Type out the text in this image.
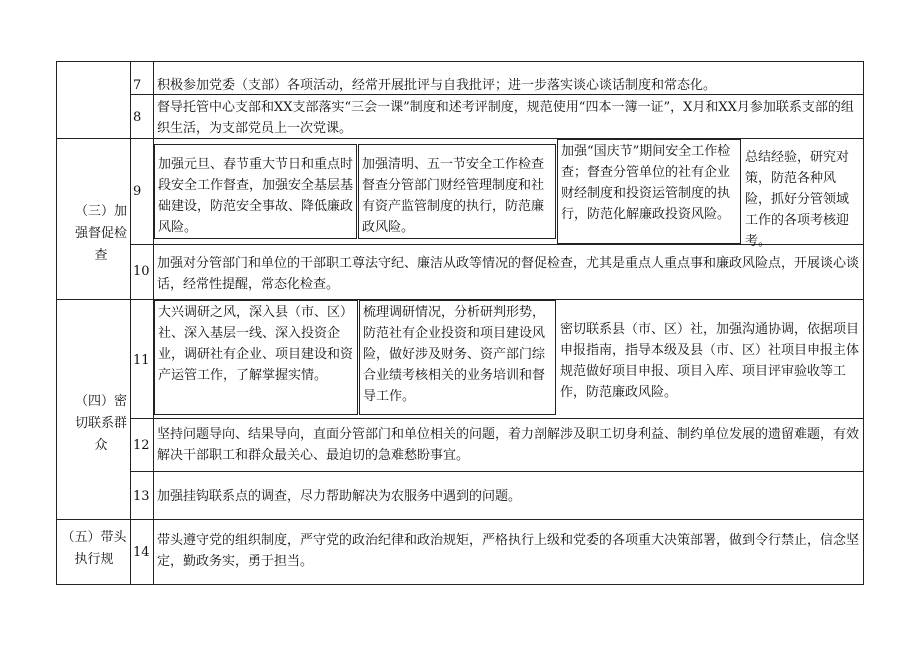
7	积极参加党委（支部）各项活动，经常开展批评与自我批评；进一步落实谈心谈话制度和常态化。
8
督导托管中心支部和XX支部落实“三会一课”制度和述考评制度，规范使用“四本一簿一证”，X月和XX月参加联系支部的组织生活，为支部党员上一次党课。
（三）加强督促检查
9
加强元旦、春节重大节日和重点时段安全工作督查，加强安全基层基础建设，防范安全事故、降低廉政风险。
加强清明、五一节安全工作检查督查分管部门财经管理制度和社有资产监管制度的执行，防范廉政风险。
加强“国庆节”期间安全工作检查；督查分管单位的社有企业财经制度和投资运管制度的执行，防范化解廉政投资风险。
总结经验，研究对策，防范各种风险，抓好分管领域工作的各项考核迎考。
10
加强对分管部门和单位的干部职工尊法守纪、廉洁从政等情况的督促检查，尤其是重点人重点事和廉政风险点，开展谈心谈话，经常性提醒，常态化检查。
（四）密切联系群众
11
大兴调研之风，深入县（市、区）社、深入基层一线、深入投资企业，调研社有企业、项目建设和资产运管工作，了解掌握实情。
梳理调研情况，分析研判形势，防范社有企业投资和项目建设风险，做好涉及财务、资产部门综合业绩考核相关的业务培训和督导工作。
密切联系县（市、区）社，加强沟通协调，依据项目申报指南，指导本级及县（市、区）社项目申报主体规范做好项目申报、项目入库、项目评审验收等工作，防范廉政风险。
12
坚持问题导向、结果导向，直面分管部门和单位相关的问题，着力剖解涉及职工切身利益、制约单位发展的遗留难题，有效解决干部职工和群众最关心、最迫切的急难愁盼事宜。
13 加强挂钩联系点的调查，尽力帮助解决为农服务中遇到的问题。
（五）带头执行规	14
带头遵守党的组织制度，严守党的政治纪律和政治规矩，严格执行上级和党委的各项重大决策部署，做到令行禁止，信念坚定，勤政务实，勇于担当。
